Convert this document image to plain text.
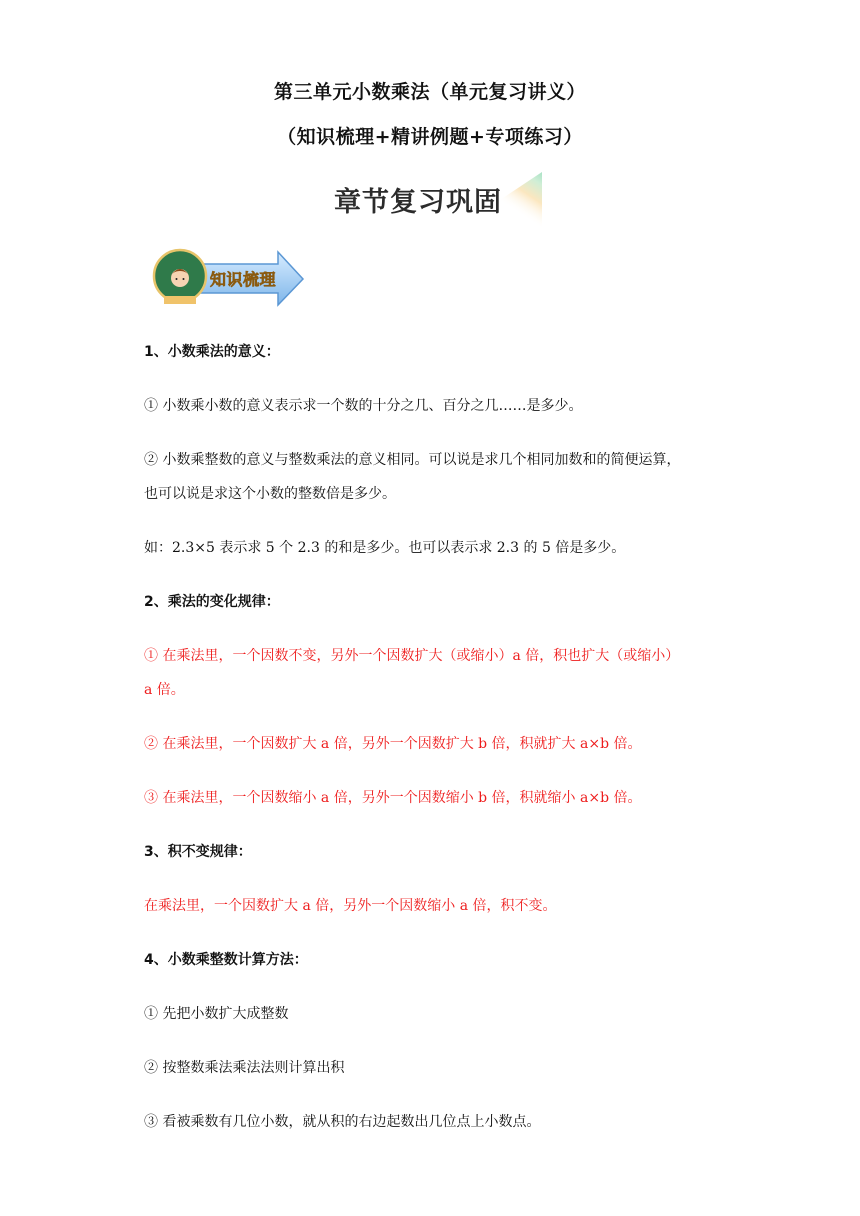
第三单元小数乘法（单元复习讲义）
（知识梳理+精讲例题+专项练习）
章节复习巩固
知识梳理
1、小数乘法的意义：
① 小数乘小数的意义表示求一个数的十分之几、百分之几……是多少。
② 小数乘整数的意义与整数乘法的意义相同。可以说是求几个相同加数和的简便运算，
也可以说是求这个小数的整数倍是多少。
如：2.3×5 表示求 5 个 2.3 的和是多少。也可以表示求 2.3 的 5 倍是多少。
2、乘法的变化规律：
① 在乘法里，一个因数不变，另外一个因数扩大（或缩小）a 倍，积也扩大（或缩小）
a 倍。
② 在乘法里，一个因数扩大 a 倍，另外一个因数扩大 b 倍，积就扩大 a×b 倍。
③ 在乘法里，一个因数缩小 a 倍，另外一个因数缩小 b 倍，积就缩小 a×b 倍。
3、积不变规律：
在乘法里，一个因数扩大 a 倍，另外一个因数缩小 a 倍，积不变。
4、小数乘整数计算方法：
① 先把小数扩大成整数
② 按整数乘法乘法法则计算出积
③ 看被乘数有几位小数，就从积的右边起数出几位点上小数点。
